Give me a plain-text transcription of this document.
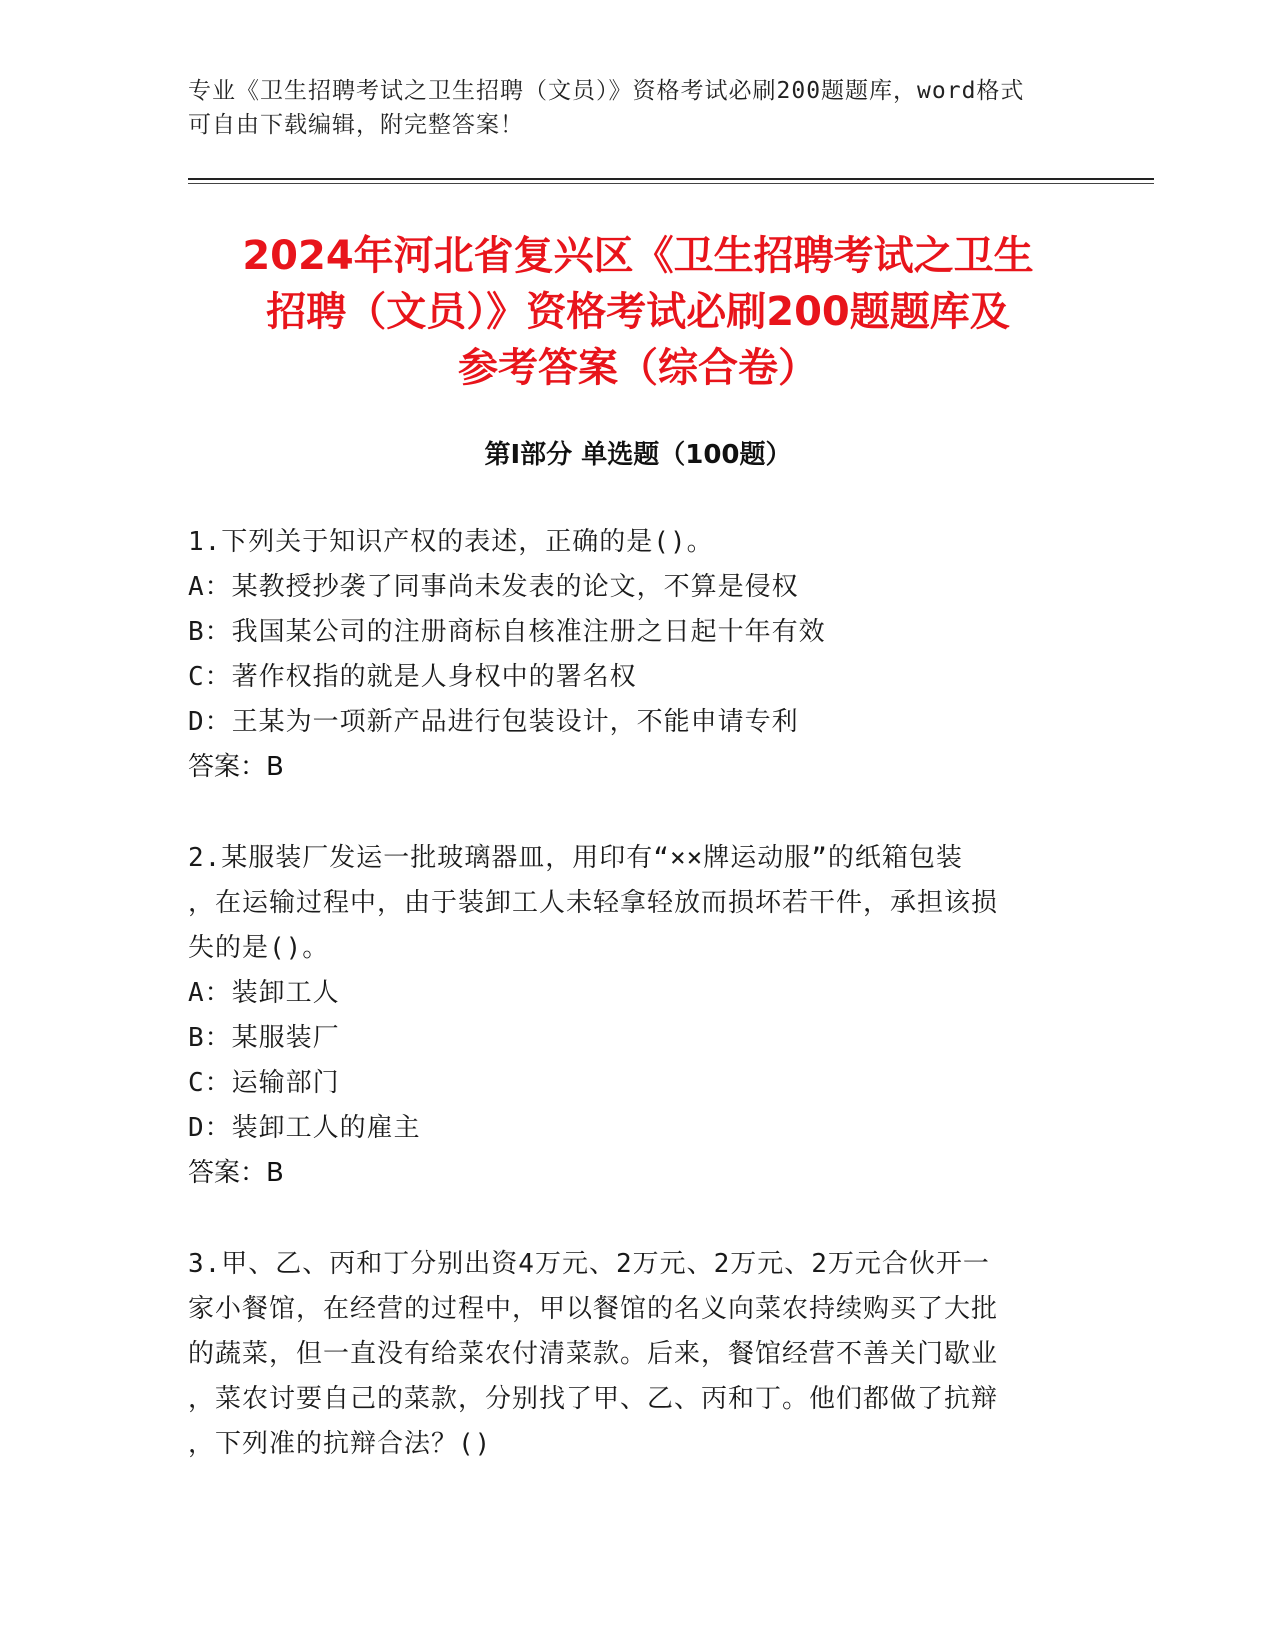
专业《卫生招聘考试之卫生招聘（文员）》资格考试必刷200题题库，word格式
可自由下载编辑，附完整答案！
2024年河北省复兴区《卫生招聘考试之卫生
招聘（文员）》资格考试必刷200题题库及
参考答案（综合卷）
第Ⅰ部分 单选题（100题）
1.下列关于知识产权的表述，正确的是()。
A：某教授抄袭了同事尚未发表的论文，不算是侵权
B：我国某公司的注册商标自核准注册之日起十年有效
C：著作权指的就是人身权中的署名权
D：王某为一项新产品进行包装设计，不能申请专利
答案：B
2.某服装厂发运一批玻璃器皿，用印有“××牌运动服”的纸箱包装
，在运输过程中，由于装卸工人未轻拿轻放而损坏若干件，承担该损
失的是()。
A：装卸工人
B：某服装厂
C：运输部门
D：装卸工人的雇主
答案：B
3.甲、乙、丙和丁分别出资4万元、2万元、2万元、2万元合伙开一
家小餐馆，在经营的过程中，甲以餐馆的名义向菜农持续购买了大批
的蔬菜，但一直没有给菜农付清菜款。后来，餐馆经营不善关门歇业
，菜农讨要自己的菜款，分别找了甲、乙、丙和丁。他们都做了抗辩
，下列准的抗辩合法？()
